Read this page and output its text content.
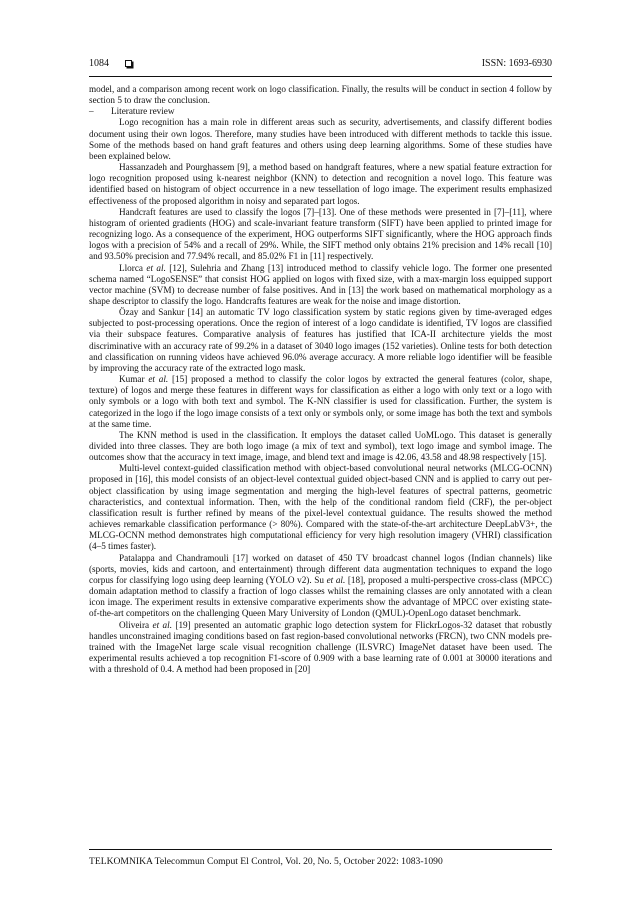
1084	ISSN: 1693-6930

model, and a comparison among recent work on logo classification. Finally, the results will be conduct in section 4 follow by section 5 to draw the conclusion.

– Literature review

Logo recognition has a main role in different areas such as security, advertisements, and classify different bodies document using their own logos. Therefore, many studies have been introduced with different methods to tackle this issue. Some of the methods based on hand graft features and others using deep learning algorithms. Some of these studies have been explained below.

Hassanzadeh and Pourghassem [9], a method based on handgraft features, where a new spatial feature extraction for logo recognition proposed using k-nearest neighbor (KNN) to detection and recognition a novel logo. This feature was identified based on histogram of object occurrence in a new tessellation of logo image. The experiment results emphasized effectiveness of the proposed algorithm in noisy and separated part logos.

Handcraft features are used to classify the logos [7]–[13]. One of these methods were presented in [7]–[11], where histogram of oriented gradients (HOG) and scale-invariant feature transform (SIFT) have been applied to printed image for recognizing logo. As a consequence of the experiment, HOG outperforms SIFT significantly, where the HOG approach finds logos with a precision of 54% and a recall of 29%. While, the SIFT method only obtains 21% precision and 14% recall [10] and 93.50% precision and 77.94% recall, and 85.02% F1 in [11] respectively.

Llorca et al. [12], Sulehria and Zhang [13] introduced method to classify vehicle logo. The former one presented schema named “LogoSENSE” that consist HOG applied on logos with fixed size, with a max-margin loss equipped support vector machine (SVM) to decrease number of false positives. And in [13] the work based on mathematical morphology as a shape descriptor to classify the logo. Handcrafts features are weak for the noise and image distortion.

Özay and Sankur [14] an automatic TV logo classification system by static regions given by time-averaged edges subjected to post-processing operations. Once the region of interest of a logo candidate is identified, TV logos are classified via their subspace features. Comparative analysis of features has justified that ICA-II architecture yields the most discriminative with an accuracy rate of 99.2% in a dataset of 3040 logo images (152 varieties). Online tests for both detection and classification on running videos have achieved 96.0% average accuracy. A more reliable logo identifier will be feasible by improving the accuracy rate of the extracted logo mask.

Kumar et al. [15] proposed a method to classify the color logos by extracted the general features (color, shape, texture) of logos and merge these features in different ways for classification as either a logo with only text or a logo with only symbols or a logo with both text and symbol. The K-NN classifier is used for classification. Further, the system is categorized in the logo if the logo image consists of a text only or symbols only, or some image has both the text and symbols at the same time.

The KNN method is used in the classification. It employs the dataset called UoMLogo. This dataset is generally divided into three classes. They are both logo image (a mix of text and symbol), text logo image and symbol image. The outcomes show that the accuracy in text image, image, and blend text and image is 42.06, 43.58 and 48.98 respectively [15].

Multi-level context-guided classification method with object-based convolutional neural networks (MLCG-OCNN) proposed in [16], this model consists of an object-level contextual guided object-based CNN and is applied to carry out per-object classification by using image segmentation and merging the high-level features of spectral patterns, geometric characteristics, and contextual information. Then, with the help of the conditional random field (CRF), the per-object classification result is further refined by means of the pixel-level contextual guidance. The results showed the method achieves remarkable classification performance (> 80%). Compared with the state-of-the-art architecture DeepLabV3+, the MLCG-OCNN method demonstrates high computational efficiency for very high resolution imagery (VHRI) classification (4–5 times faster).

Patalappa and Chandramouli [17] worked on dataset of 450 TV broadcast channel logos (Indian channels) like (sports, movies, kids and cartoon, and entertainment) through different data augmentation techniques to expand the logo corpus for classifying logo using deep learning (YOLO v2). Su et al. [18], proposed a multi-perspective cross-class (MPCC) domain adaptation method to classify a fraction of logo classes whilst the remaining classes are only annotated with a clean icon image. The experiment results in extensive comparative experiments show the advantage of MPCC over existing state-of-the-art competitors on the challenging Queen Mary University of London (QMUL)-OpenLogo dataset benchmark.

Oliveira et al. [19] presented an automatic graphic logo detection system for FlickrLogos-32 dataset that robustly handles unconstrained imaging conditions based on fast region-based convolutional networks (FRCN), two CNN models pre- trained with the ImageNet large scale visual recognition challenge (ILSVRC) ImageNet dataset have been used. The experimental results achieved a top recognition F1-score of 0.909 with a base learning rate of 0.001 at 30000 iterations and with a threshold of 0.4. A method had been proposed in [20]

TELKOMNIKA Telecommun Comput El Control, Vol. 20, No. 5, October 2022: 1083-1090
